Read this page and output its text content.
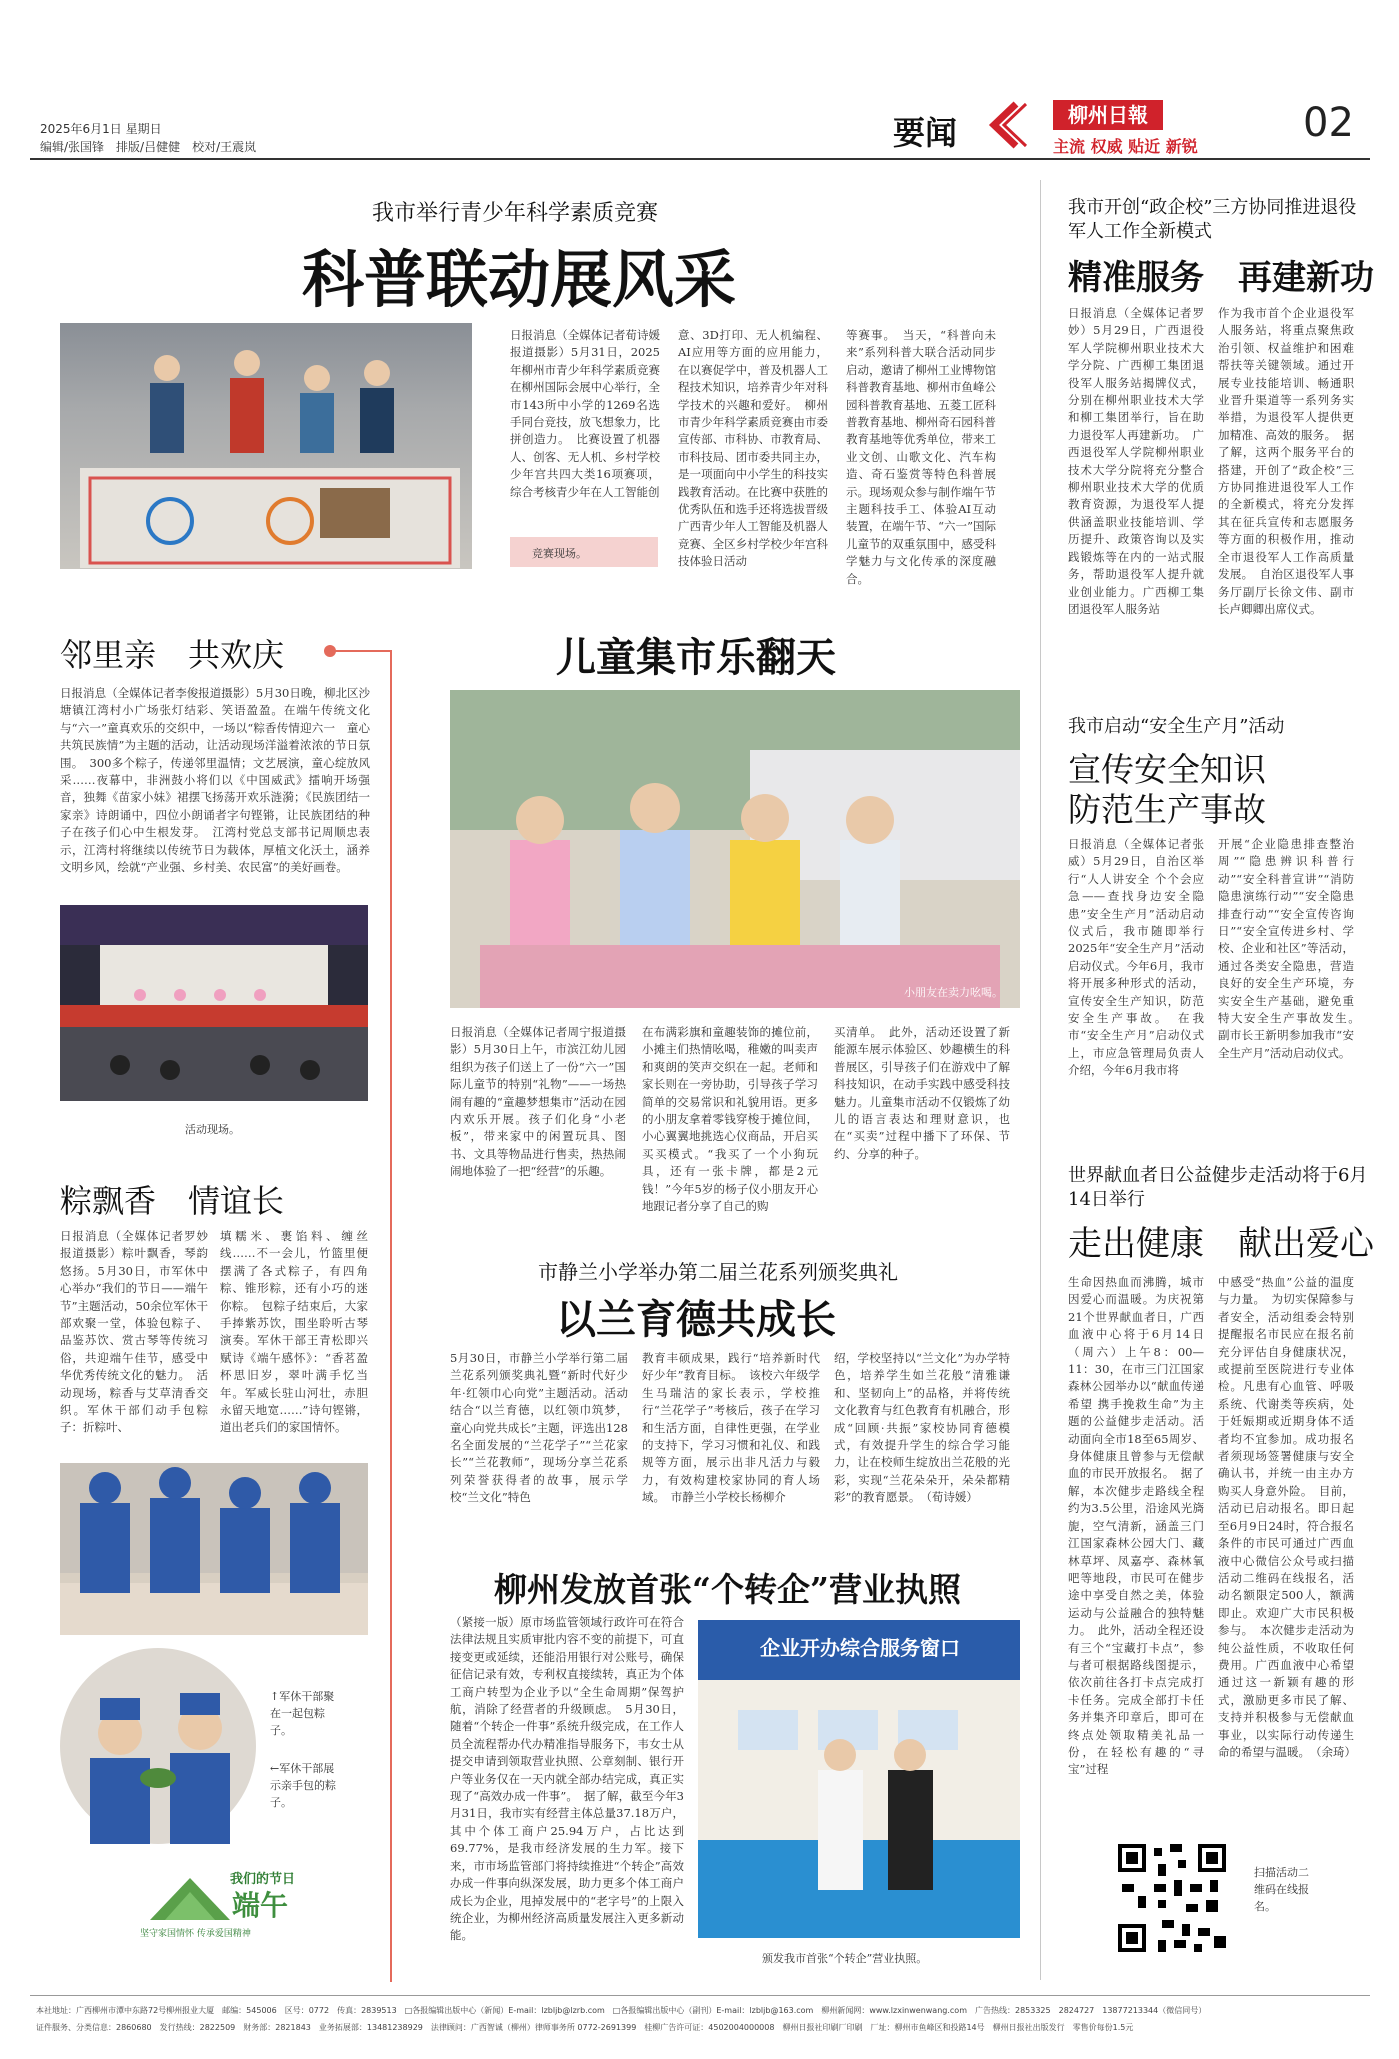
2025年6月1日 星期日
编辑/张国锋　排版/吕健健　校对/王震岚	要闻	柳州日報
主流 权威 贴近 新锐
02
我市举行青少年科学素质竞赛
科普联动展风采
竞赛现场。
日报消息（全媒体记者荀诗媛报道摄影）5月31日，2025年柳州市青少年科学素质竞赛在柳州国际会展中心举行，全市143所中小学的1269名选手同台竞技，放飞想象力，比拼创造力。　比赛设置了机器人、创客、无人机、乡村学校少年宫共四大类16项赛项，综合考核青少年在人工智能创
意、3D打印、无人机编程、AI应用等方面的应用能力，在以赛促学中，普及机器人工程技术知识，培养青少年对科学技术的兴趣和爱好。　柳州市青少年科学素质竞赛由市委宣传部、市科协、市教育局、市科技局、团市委共同主办，是一项面向中小学生的科技实践教育活动。在比赛中获胜的优秀队伍和选手还将选拔晋级广西青少年人工智能及机器人竞赛、全区乡村学校少年宫科技体验日活动
等赛事。　当天，“科普向未来”系列科普大联合活动同步启动，邀请了柳州工业博物馆科普教育基地、柳州市鱼峰公园科普教育基地、五菱工匠科普教育基地、柳州奇石园科普教育基地等优秀单位，带来工业文创、山歌文化、汽车构造、奇石鉴赏等特色科普展示。现场观众参与制作端午节主题科技手工、体验AI互动装置，在端午节、“六一”国际儿童节的双重氛围中，感受科学魅力与文化传承的深度融合。
我市开创“政企校”三方协同推进退役军人工作全新模式
精准服务　再建新功
日报消息（全媒体记者罗妙）5月29日，广西退役军人学院柳州职业技术大学分院、广西柳工集团退役军人服务站揭牌仪式，分别在柳州职业技术大学和柳工集团举行，旨在助力退役军人再建新功。　广西退役军人学院柳州职业技术大学分院将充分整合柳州职业技术大学的优质教育资源，为退役军人提供涵盖职业技能培训、学历提升、政策咨询以及实践锻炼等在内的一站式服务，帮助退役军人提升就业创业能力。广西柳工集团退役军人服务站
作为我市首个企业退役军人服务站，将重点聚焦政治引领、权益维护和困难帮扶等关键领域。通过开展专业技能培训、畅通职业晋升渠道等一系列务实举措，为退役军人提供更加精准、高效的服务。　据了解，这两个服务平台的搭建，开创了“政企校”三方协同推进退役军人工作的全新模式，将充分发挥其在征兵宣传和志愿服务等方面的积极作用，推动全市退役军人工作高质量发展。　自治区退役军人事务厅副厅长徐文伟、副市长卢卿卿出席仪式。
邻里亲　共欢庆
日报消息（全媒体记者李俊报道摄影）5月30日晚，柳北区沙塘镇江湾村小广场张灯结彩、笑语盈盈。在端午传统文化与“六一”童真欢乐的交织中，一场以“粽香传情迎六一　童心共筑民族情”为主题的活动，让活动现场洋溢着浓浓的节日氛围。　300多个粽子，传递邻里温情；文艺展演，童心绽放风采……夜幕中，非洲鼓小将们以《中国威武》擂响开场强音，独舞《苗家小妹》裙摆飞扬荡开欢乐涟漪；《民族团结一家亲》诗朗诵中，四位小朗诵者字句铿锵，让民族团结的种子在孩子们心中生根发芽。　江湾村党总支部书记周顺忠表示，江湾村将继续以传统节日为载体，厚植文化沃土，涵养文明乡风，绘就“产业强、乡村美、农民富”的美好画卷。
活动现场。
粽飘香　情谊长
日报消息（全媒体记者罗妙报道摄影）粽叶飘香，琴韵悠扬。5月30日，市军休中心举办“我们的节日——端午节”主题活动，50余位军休干部欢聚一堂，体验包粽子、品鉴苏饮、赏古琴等传统习俗，共迎端午佳节，感受中华优秀传统文化的魅力。　活动现场，粽香与艾草清香交织。军休干部们动手包粽子：折粽叶、
填糯米、裹馅料、缠丝线……不一会儿，竹篮里便摆满了各式粽子，有四角粽、锥形粽，还有小巧的迷你粽。　包粽子结束后，大家手捧紫苏饮，围坐聆听古琴演奏。军休干部王青松即兴赋诗《端午感怀》：“香茗盈杯思旧岁，翠叶满手忆当年。军威长驻山河壮，赤胆永留天地宽……”诗句铿锵，道出老兵们的家国情怀。
↑军休干部聚在一起包粽子。
←军休干部展示亲手包的粽子。
我们的节日
端午
坚守家国情怀 传承爱国精神
儿童集市乐翻天
小朋友在卖力吆喝。
日报消息（全媒体记者周宁报道摄影）5月30日上午，市滨江幼儿园组织为孩子们送上了一份“六一”国际儿童节的特别“礼物”——一场热闹有趣的“童趣梦想集市”活动在园内欢乐开展。孩子们化身“小老板”，带来家中的闲置玩具、图书、文具等物品进行售卖，热热闹闹地体验了一把“经营”的乐趣。
在布满彩旗和童趣装饰的摊位前，小摊主们热情吆喝，稚嫩的叫卖声和爽朗的笑声交织在一起。老师和家长则在一旁协助，引导孩子学习简单的交易常识和礼貌用语。更多的小朋友拿着零钱穿梭于摊位间，小心翼翼地挑选心仪商品，开启买买买模式。“我买了一个小狗玩具，还有一张卡牌，都是2元钱！”今年5岁的杨子仪小朋友开心地跟记者分享了自己的购
买清单。　此外，活动还设置了新能源车展示体验区、妙趣横生的科普展区，引导孩子们在游戏中了解科技知识，在动手实践中感受科技魅力。儿童集市活动不仅锻炼了幼儿的语言表达和理财意识，也在“买卖”过程中播下了环保、节约、分享的种子。
我市启动“安全生产月”活动
宣传安全知识
防范生产事故
日报消息（全媒体记者张威）5月29日，自治区举行“人人讲安全 个个会应急——查找身边安全隐患”安全生产月”活动启动仪式后，我市随即举行2025年“安全生产月”活动启动仪式。今年6月，我市将开展多种形式的活动，宣传安全生产知识，防范安全生产事故。　在我市“安全生产月”启动仪式上，市应急管理局负责人介绍，今年6月我市将
开展“企业隐患排查整治周”“隐患辨识科普行动”“安全科普宣讲”“消防隐患演练行动”“安全隐患排查行动”“安全宣传咨询日”“安全宣传进乡村、学校、企业和社区”等活动，通过各类安全隐患，营造良好的安全生产环境，夯实安全生产基础，避免重特大安全生产事故发生。　副市长王新明参加我市“安全生产月”活动启动仪式。
市静兰小学举办第二届兰花系列颁奖典礼
以兰育德共成长
5月30日，市静兰小学举行第二届兰花系列颁奖典礼暨“新时代好少年·红领巾心向党”主题活动。活动结合“以兰育德，以红领巾筑梦，童心向党共成长”主题，评选出128名全面发展的“兰花学子”“兰花家长”“兰花教师”，现场分享兰花系列荣誉获得者的故事，展示学校“兰文化”特色
教育丰硕成果，践行“培养新时代好少年”教育目标。　该校六年级学生马瑞洁的家长表示，学校推行“兰花学子”考核后，孩子在学习和生活方面，自律性更强，在学业的支持下，学习习惯和礼仪、和践规等方面，展示出非凡活力与毅力，有效构建校家协同的育人场域。　市静兰小学校长杨柳介
绍，学校坚持以“兰文化”为办学特色，培养学生如兰花般“清雅谦和、坚韧向上”的品格，并将传统文化教育与红色教育有机融合，形成“回顾·共振”家校协同育德模式，有效提升学生的综合学习能力，让在校师生绽放出兰花般的光彩，实现“兰花朵朵开，朵朵都精彩”的教育愿景。　（荀诗媛）
世界献血者日公益健步走活动将于6月14日举行
走出健康　献出爱心
生命因热血而沸腾，城市因爱心而温暖。为庆祝第21个世界献血者日，广西血液中心将于6月14日（周六）上午8：00—11：30，在市三门江国家森林公园举办以“献血传递希望 携手挽救生命”为主题的公益健步走活动。活动面向全市18至65周岁、身体健康且曾参与无偿献血的市民开放报名。　据了解，本次健步走路线全程约为3.5公里，沿途风光旖旎，空气清新，涵盖三门江国家森林公园大门、藏林草坪、凤嘉亭、森林氧吧等地段，市民可在健步途中享受自然之美，体验运动与公益融合的独特魅力。　此外，活动全程还设有三个“宝藏打卡点”，参与者可根据路线图提示，依次前往各打卡点完成打卡任务。完成全部打卡任务并集齐印章后，即可在终点处领取精美礼品一份，在轻松有趣的“寻宝”过程
中感受“热血”公益的温度与力量。　为切实保障参与者安全，活动组委会特别提醒报名市民应在报名前充分评估自身健康状况，或提前至医院进行专业体检。凡患有心血管、呼吸系统、代谢类等疾病，处于妊娠期或近期身体不适者均不宜参加。成功报名者须现场签署健康与安全确认书，并统一由主办方购买人身意外险。　目前，活动已启动报名。即日起至6月9日24时，符合报名条件的市民可通过广西血液中心微信公众号或扫描活动二维码在线报名，活动名额限定500人，额满即止。欢迎广大市民积极参与。　本次健步走活动为纯公益性质，不收取任何费用。广西血液中心希望通过这一新颖有趣的形式，激励更多市民了解、支持并积极参与无偿献血事业，以实际行动传递生命的希望与温暖。　（余琦）
扫描活动二维码在线报名。
柳州发放首张“个转企”营业执照
（紧接一版）原市场监管领域行政许可在符合法律法规且实质审批内容不变的前提下，可直接变更或延续，还能沿用银行对公账号，确保征信记录有效，专利权直接续转，真正为个体工商户转型为企业予以“全生命周期”保驾护航，消除了经营者的升级顾虑。　5月30日，随着“个转企一件事”系统升级完成，在工作人员全流程帮办代办精准指导服务下，韦女士从提交申请到领取营业执照、公章刻制、银行开户等业务仅在一天内就全部办结完成，真正实现了“高效办成一件事”。　据了解，截至今年3月31日，我市实有经营主体总量37.18万户，其中个体工商户25.94万户，占比达到69.77%，是我市经济发展的生力军。接下来，市市场监管部门将持续推进“个转企”高效办成一件事向纵深发展，助力更多个体工商户成长为企业，甩掉发展中的“老字号”的上限入统企业，为柳州经济高质量发展注入更多新动能。
企业开办综合服务窗口
颁发我市首张“个转企”营业执照。
本社地址：广西柳州市潭中东路72号柳州报业大厦　邮编：545006　区号：0772　传真：2839513　□各报编辑出版中心（新闻）E-mail：lzbljb@lzrb.com　□各报编辑出版中心（副刊）E-mail：lzbljb@163.com　柳州新闻网：www.lzxinwenwang.com　广告热线：2853325　2824727　13877213344（微信同号）
证件服务、分类信息：2860680　发行热线：2822509　财务部：2821843　业务拓展部：13481238929　法律顾问：广西智诚（柳州）律师事务所 0772-2691399　桂柳广告许可证：4502004000008　柳州日报社印刷厂印刷　厂址：柳州市鱼峰区和投路14号　柳州日报社出版发行　零售价每份1.5元
